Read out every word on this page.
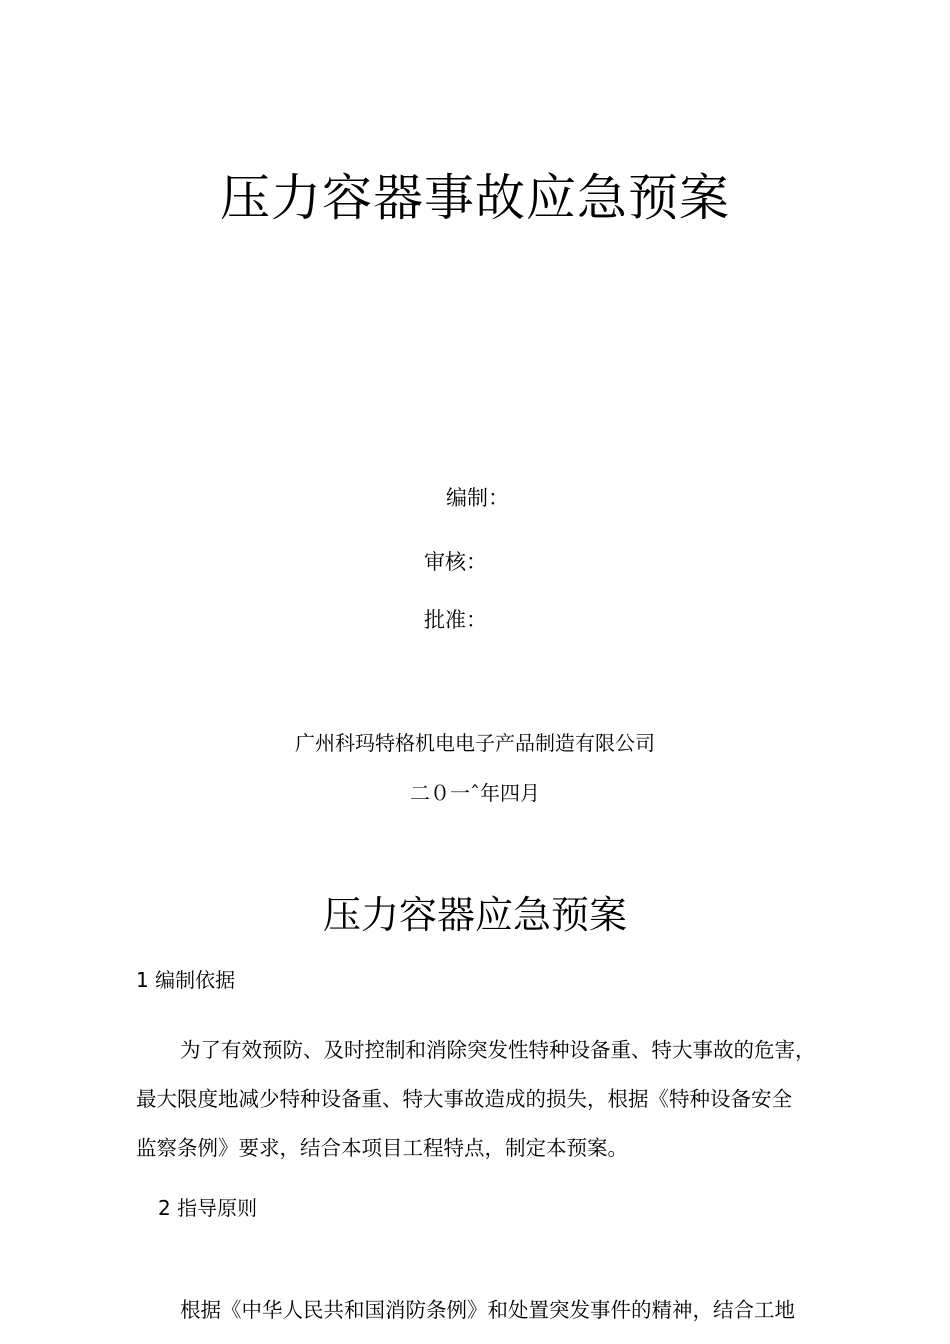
压力容器事故应急预案
编制：
审核：
批准：
广州科玛特格机电电子产品制造有限公司
二０一ˆ年四月
压力容器应急预案
1 编制依据
为了有效预防、及时控制和消除突发性特种设备重、特大事故的危害，
最大限度地减少特种设备重、特大事故造成的损失，根据《特种设备安全
监察条例》要求，结合本项目工程特点，制定本预案。
2 指导原则
根据《中华人民共和国消防条例》和处置突发事件的精神，结合工地
